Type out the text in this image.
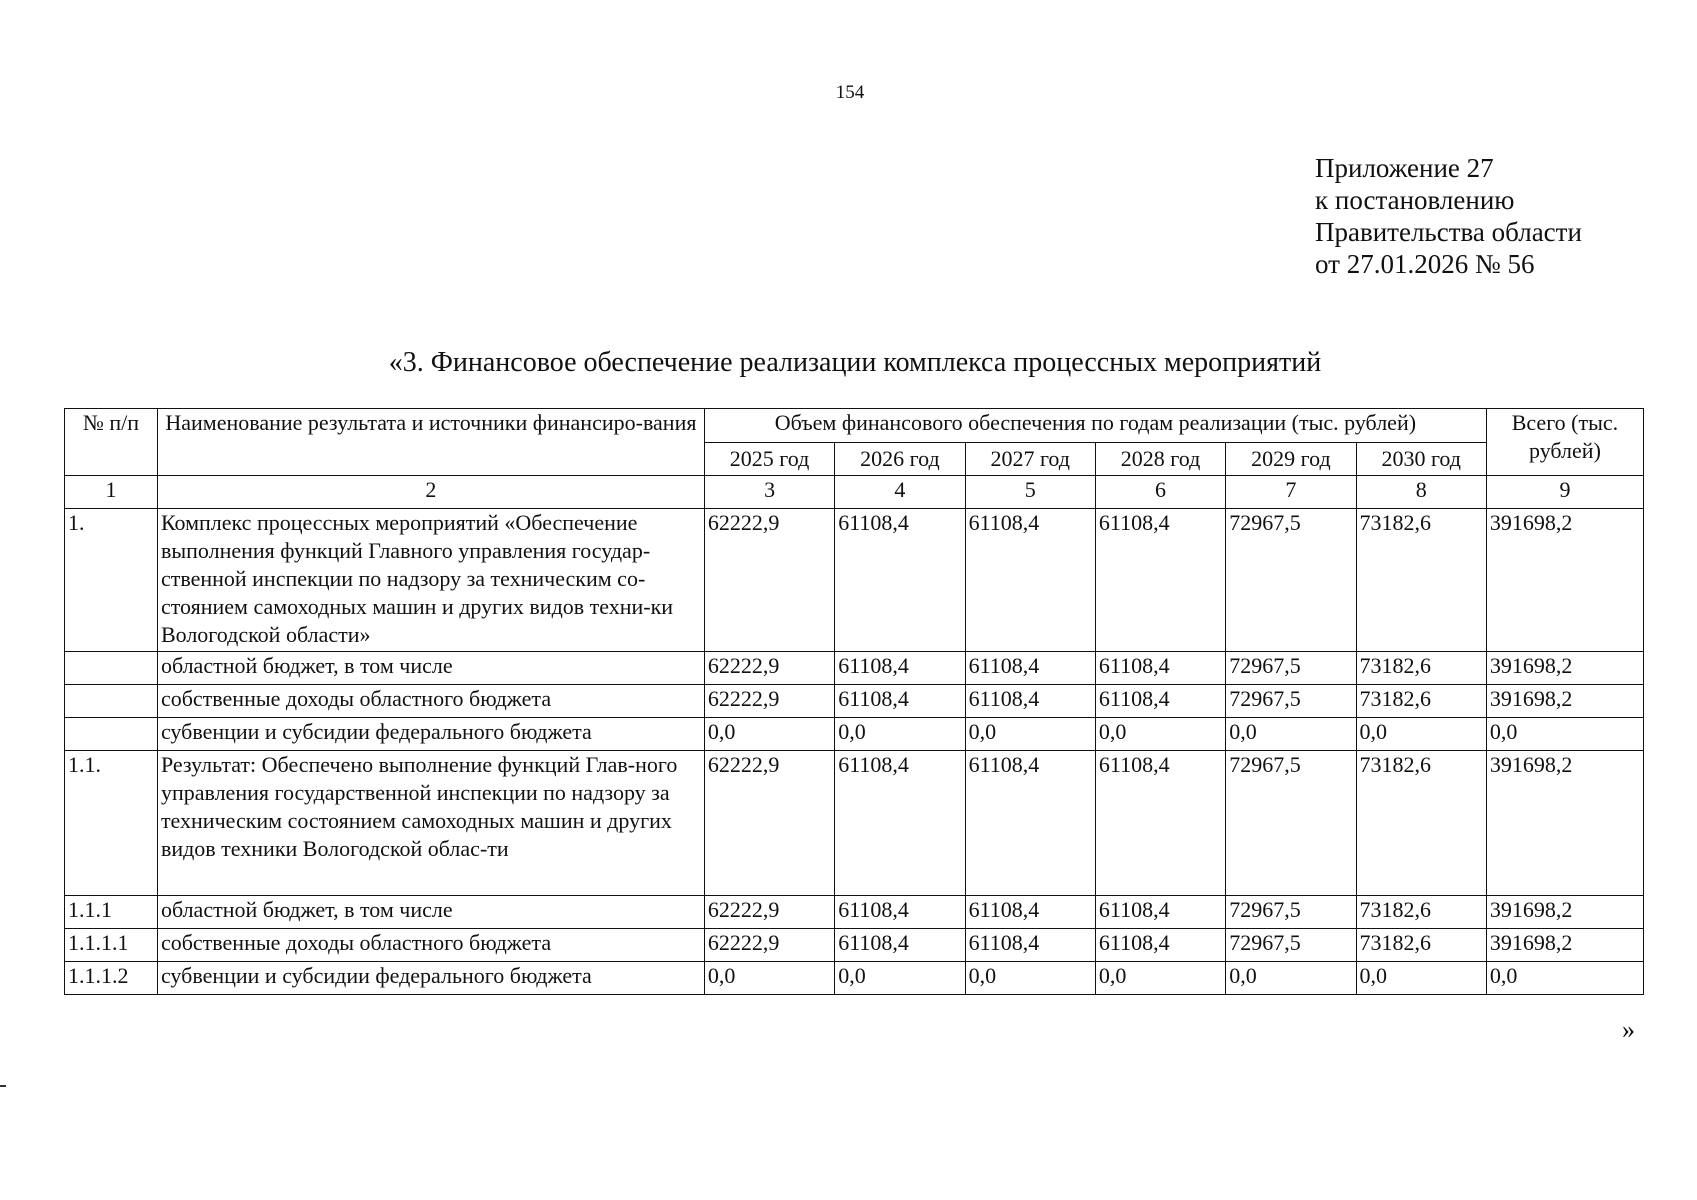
154
Приложение 27
к постановлению
Правительства области
от 27.01.2026 № 56
«3. Финансовое обеспечение реализации комплекса процессных мероприятий
№ п/п	Наименование результата и источники финансиро-вания	Объем финансового обеспечения по годам реализации (тыс. рублей)						Всего (тыс. рублей)
		2025 год	2026 год	2027 год	2028 год	2029 год	2030 год	
1	2	3	4	5	6	7	8	9
1.	Комплекс процессных мероприятий «Обеспечение выполнения функций Главного управления государ-ственной инспекции по надзору за техническим со-стоянием самоходных машин и других видов техни-ки Вологодской области»	62222,9	61108,4	61108,4	61108,4	72967,5	73182,6	391698,2
	областной бюджет, в том числе	62222,9	61108,4	61108,4	61108,4	72967,5	73182,6	391698,2
	собственные доходы областного бюджета	62222,9	61108,4	61108,4	61108,4	72967,5	73182,6	391698,2
	субвенции и субсидии федерального бюджета	0,0	0,0	0,0	0,0	0,0	0,0	0,0
1.1.	Результат: Обеспечено выполнение функций Глав-ного управления государственной инспекции по надзору за техническим состоянием самоходных машин и других видов техники Вологодской облас-ти	62222,9	61108,4	61108,4	61108,4	72967,5	73182,6	391698,2
1.1.1	областной бюджет, в том числе	62222,9	61108,4	61108,4	61108,4	72967,5	73182,6	391698,2
1.1.1.1	собственные доходы областного бюджета	62222,9	61108,4	61108,4	61108,4	72967,5	73182,6	391698,2
1.1.1.2	субвенции и субсидии федерального бюджета	0,0	0,0	0,0	0,0	0,0	0,0	0,0
»
